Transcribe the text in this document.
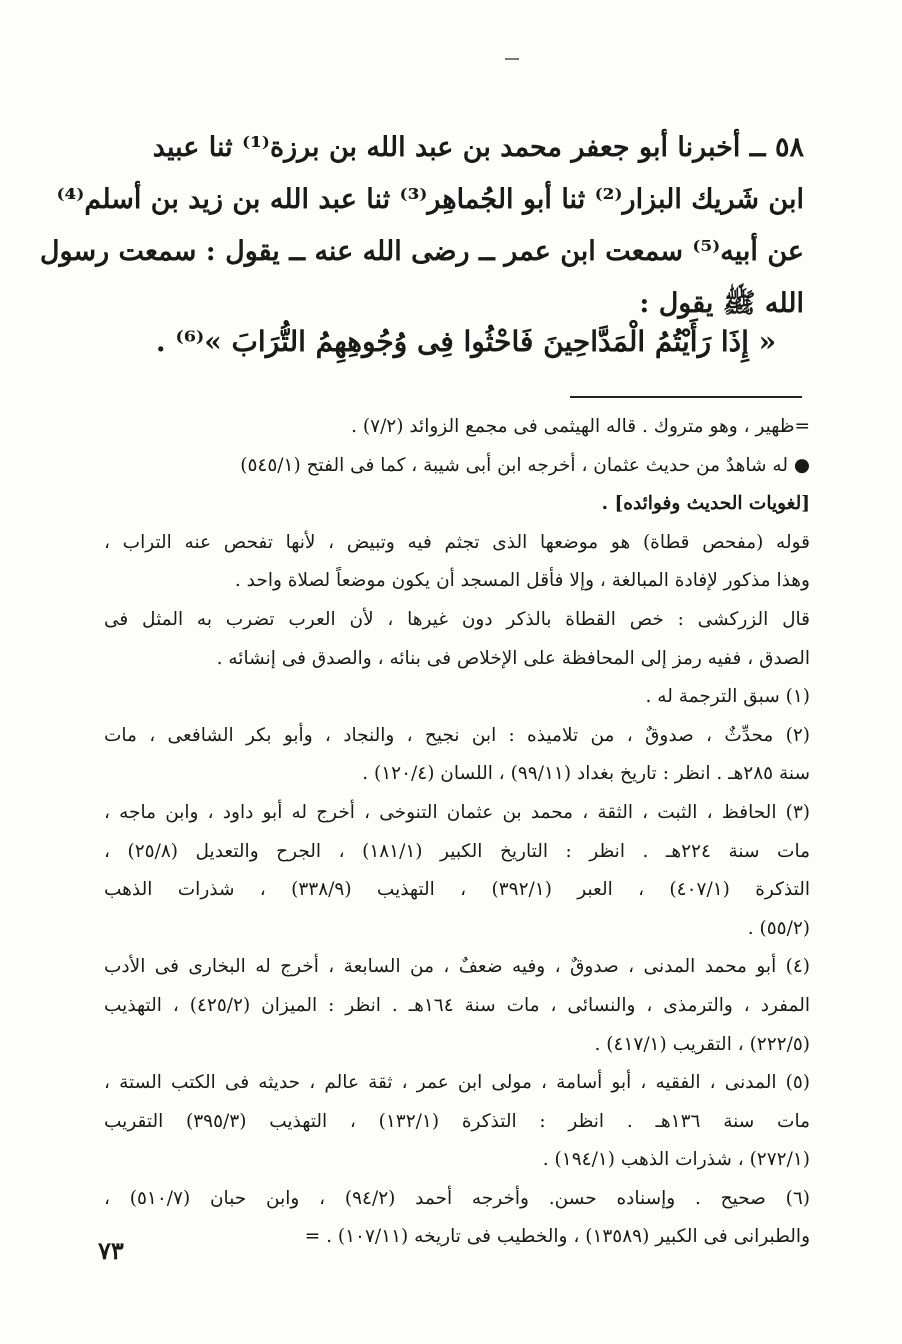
٥٨ ــ أخبرنا أبو جعفر محمد بن عبد الله بن برزة⁽¹⁾ ثنا عبيد
ابن شَريك البزار⁽²⁾ ثنا أبو الجُماهِر⁽³⁾ ثنا عبد الله بن زيد بن أسلم⁽⁴⁾
عن أبيه⁽⁵⁾ سمعت ابن عمر ــ رضى الله عنه ــ يقول : سمعت رسول
الله ﷺ يقول :
« إِذَا رَأَيْتُمُ الْمَدَّاحِينَ فَاحْثُوا فِى وُجُوهِهِمُ التُّرَابَ »⁽⁶⁾ .
=ظهير ، وهو متروك . قاله الهيثمى فى مجمع الزوائد (٧/٢) .
● له شاهدٌ من حديث عثمان ، أخرجه ابن أبى شيبة ، كما فى الفتح (٥٤٥/١)
[لغويات الحديث وفوائده] .
قوله (مفحص قطاة) هو موضعها الذى تجثم فيه وتبيض ، لأنها تفحص عنه التراب ،
وهذا مذكور لإفادة المبالغة ، وإلا فأقل المسجد أن يكون موضعاً لصلاة واحد .
قال الزركشى : خص القطاة بالذكر دون غيرها ، لأن العرب تضرب به المثل فى
الصدق ، ففيه رمز إلى المحافظة على الإخلاص فى بنائه ، والصدق فى إنشائه .
(١) سبق الترجمة له .
(٢) محدِّثٌ ، صدوقٌ ، من تلاميذه : ابن نجيح ، والنجاد ، وأبو بكر الشافعى ، مات
سنة ٢٨٥هـ . انظر : تاريخ بغداد (٩٩/١١) ، اللسان (١٢٠/٤) .
(٣) الحافظ ، الثبت ، الثقة ، محمد بن عثمان التنوخى ، أخرج له أبو داود ، وابن ماجه ،
مات سنة ٢٢٤هـ . انظر : التاريخ الكبير (١٨١/١) ، الجرح والتعديل (٢٥/٨) ،
التذكرة (٤٠٧/١) ، العبر (٣٩٢/١) ، التهذيب (٣٣٨/٩) ، شذرات الذهب
(٥٥/٢) .
(٤) أبو محمد المدنى ، صدوقٌ ، وفيه ضعفٌ ، من السابعة ، أخرج له البخارى فى الأدب
المفرد ، والترمذى ، والنسائى ، مات سنة ١٦٤هـ . انظر : الميزان (٤٢٥/٢) ، التهذيب
(٢٢٢/٥) ، التقريب (٤١٧/١) .
(٥) المدنى ، الفقيه ، أبو أسامة ، مولى ابن عمر ، ثقة عالم ، حديثه فى الكتب الستة ،
مات سنة ١٣٦هـ . انظر : التذكرة (١٣٢/١) ، التهذيب (٣٩٥/٣) التقريب
(٢٧٢/١) ، شذرات الذهب (١٩٤/١) .
(٦) صحيح . وإسناده حسن. وأخرجه أحمد (٩٤/٢) ، وابن حبان (٥١٠/٧) ،
والطبرانى فى الكبير (١٣٥٨٩) ، والخطيب فى تاريخه (١٠٧/١١) . =
٧٣
